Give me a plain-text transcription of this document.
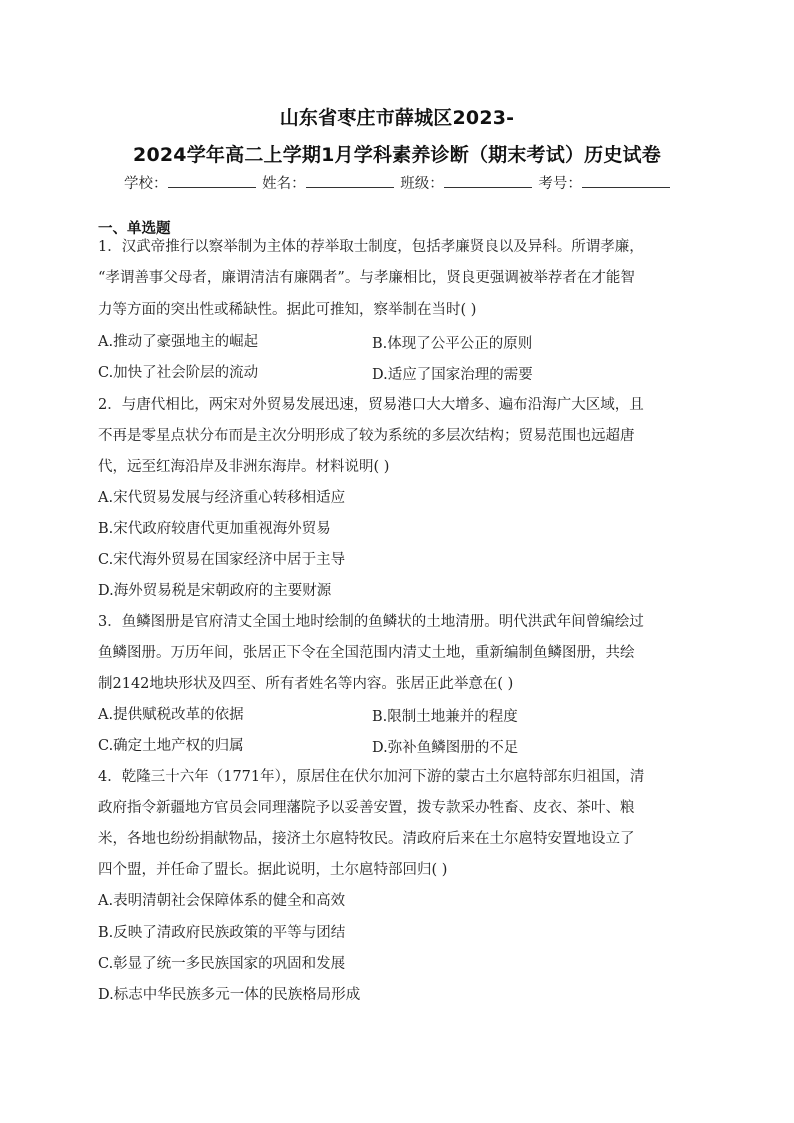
山东省枣庄市薛城区2023-
2024学年高二上学期1月学科素养诊断（期末考试）历史试卷
学校：	姓名：	班级：	考号：
一、单选题
1．汉武帝推行以察举制为主体的荐举取士制度，包括孝廉贤良以及异科。所谓孝廉，
“孝谓善事父母者，廉谓清洁有廉隅者”。与孝廉相比，贤良更强调被举荐者在才能智
力等方面的突出性或稀缺性。据此可推知，察举制在当时( )
A.推动了豪强地主的崛起	B.体现了公平公正的原则
C.加快了社会阶层的流动	D.适应了国家治理的需要
2．与唐代相比，两宋对外贸易发展迅速，贸易港口大大增多、遍布沿海广大区域，且
不再是零星点状分布而是主次分明形成了较为系统的多层次结构；贸易范围也远超唐
代，远至红海沿岸及非洲东海岸。材料说明( )
A.宋代贸易发展与经济重心转移相适应
B.宋代政府较唐代更加重视海外贸易
C.宋代海外贸易在国家经济中居于主导
D.海外贸易税是宋朝政府的主要财源
3．鱼鳞图册是官府清丈全国土地时绘制的鱼鳞状的土地清册。明代洪武年间曾编绘过
鱼鳞图册。万历年间，张居正下令在全国范围内清丈土地，重新编制鱼鳞图册，共绘
制2142地块形状及四至、所有者姓名等内容。张居正此举意在( )
A.提供赋税改革的依据	B.限制土地兼并的程度
C.确定土地产权的归属	D.弥补鱼鳞图册的不足
4．乾隆三十六年（1771年），原居住在伏尔加河下游的蒙古土尔扈特部东归祖国，清
政府指令新疆地方官员会同理藩院予以妥善安置，拨专款采办牲畜、皮衣、茶叶、粮
米，各地也纷纷捐献物品，接济土尔扈特牧民。清政府后来在土尔扈特安置地设立了
四个盟，并任命了盟长。据此说明，土尔扈特部回归( )
A.表明清朝社会保障体系的健全和高效
B.反映了清政府民族政策的平等与团结
C.彰显了统一多民族国家的巩固和发展
D.标志中华民族多元一体的民族格局形成
